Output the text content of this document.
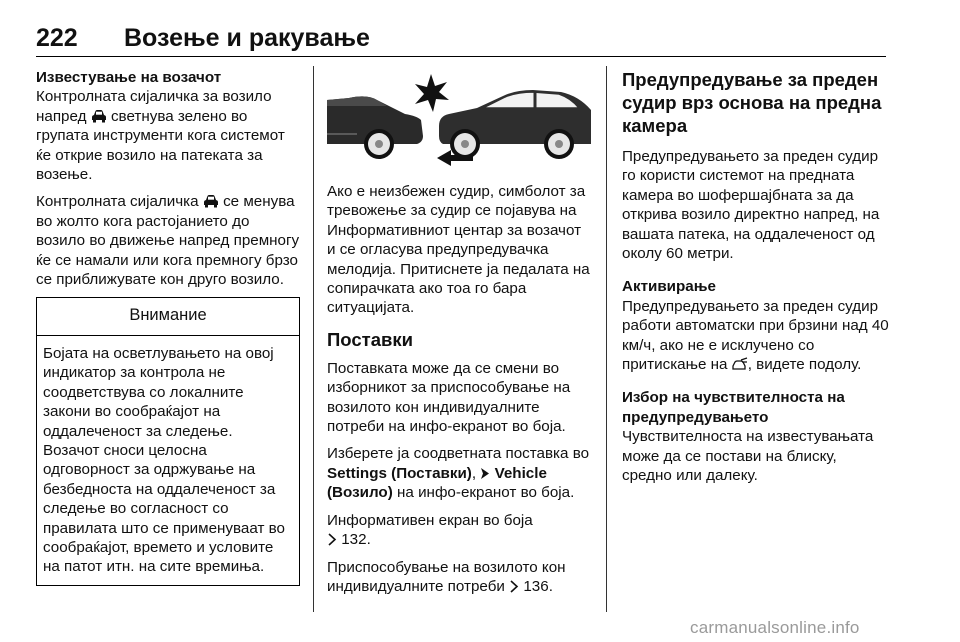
222 Возење и ракување

Известување на возачот

Контролната сијаличка за возило напред светнува зелено во групата инструменти кога системот ќе открие возило на патеката за возење.

Контролната сијаличка се менува во жолто кога растојанието до возило во движење напред премногу ќе се намали или кога премногу брзо се приближувате кон друго возило.

Внимание

Бојата на осветлувањето на овој индикатор за контрола не соодветствува со локалните закони во сообраќајот на оддалеченост за следење.

Возачот сноси целосна одговорност за одржување на безбедноста на оддалеченост за следење во согласност со правилата што се применуваат во сообраќајот, времето и условите на патот итн. на сите времиња.

Ако е неизбежен судир, симболот за тревожење за судир се појавува на Информативниот центар за возачот и се огласува предупредувачка мелодија. Притиснете ја педалата на сопирачката ако тоа го бара ситуацијата.

Поставки

Поставката може да се смени во изборникот за приспособување на возилото кон индивидуалните потреби на инфо-екранот во боја.

Изберете ја соодветната поставка во Settings (Поставки), Vehicle (Возило) на инфо-екранот во боја.

Информативен екран во боја
132.

Приспособување на возилото кон индивидуалните потреби 136.

Предупредување за преден судир врз основа на предна камера

Предупредувањето за преден судир го користи системот на предната камера во шофершајбната за да открива возило директно напред, на вашата патека, на оддалеченост од околу 60 метри.

Активирање

Предупредувањето за преден судир работи автоматски при брзини над 40 км/ч, ако не е исклучено со притискање на , видете подолу.

Избор на чувствителноста на предупредувањето

Чувствителноста на известувањата може да се постави на блиску, средно или далеку.

carmanualsonline.info
